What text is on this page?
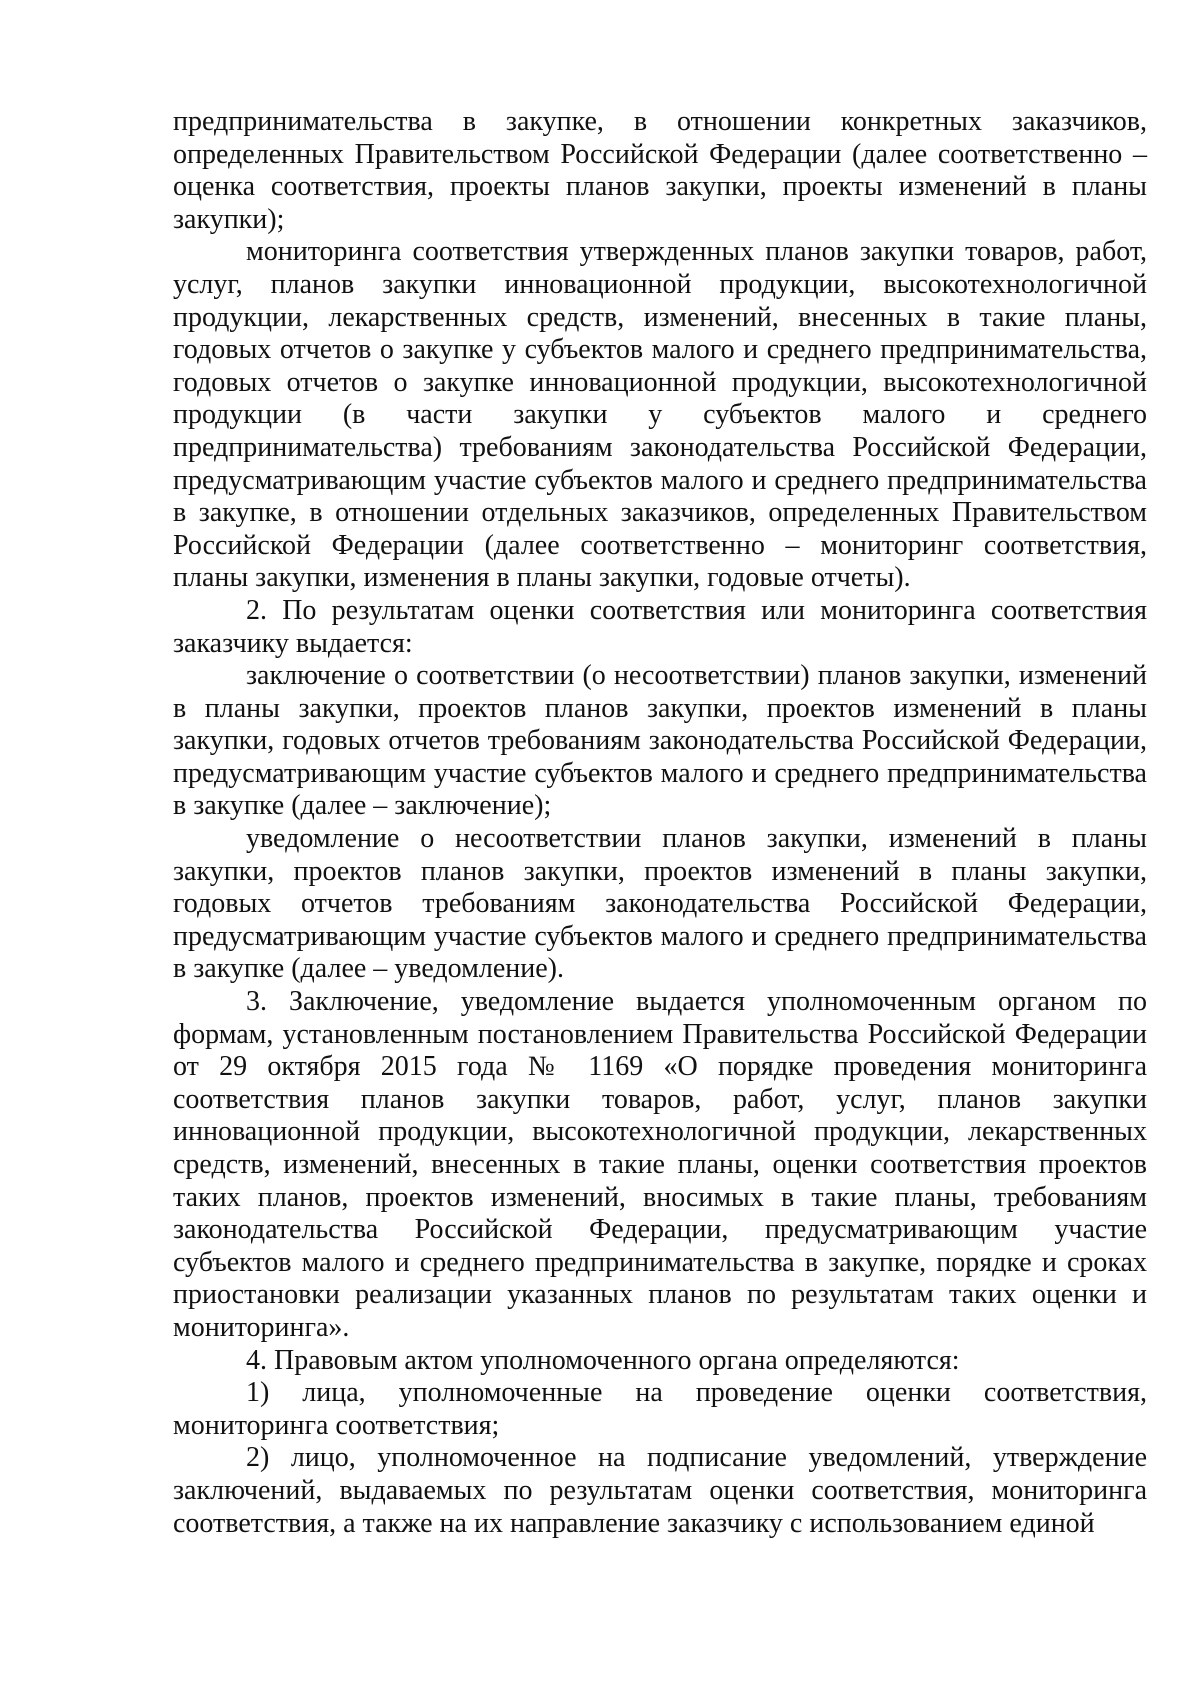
предпринимательства в закупке, в отношении конкретных заказчиков, определенных Правительством Российской Федерации (далее соответственно – оценка соответствия, проекты планов закупки, проекты изменений в планы закупки);

мониторинга соответствия утвержденных планов закупки товаров, работ, услуг, планов закупки инновационной продукции, высокотехнологичной продукции, лекарственных средств, изменений, внесенных в такие планы, годовых отчетов о закупке у субъектов малого и среднего предпринимательства, годовых отчетов о закупке инновационной продукции, высокотехнологичной продукции (в части закупки у субъектов малого и среднего предпринимательства) требованиям законодательства Российской Федерации, предусматривающим участие субъектов малого и среднего предпринимательства в закупке, в отношении отдельных заказчиков, определенных Правительством Российской Федерации (далее соответственно – мониторинг соответствия, планы закупки, изменения в планы закупки, годовые отчеты).

2. По результатам оценки соответствия или мониторинга соответствия заказчику выдается:

заключение о соответствии (о несоответствии) планов закупки, изменений в планы закупки, проектов планов закупки, проектов изменений в планы закупки, годовых отчетов требованиям законодательства Российской Федерации, предусматривающим участие субъектов малого и среднего предпринимательства в закупке (далее – заключение);

уведомление о несоответствии планов закупки, изменений в планы закупки, проектов планов закупки, проектов изменений в планы закупки, годовых отчетов требованиям законодательства Российской Федерации, предусматривающим участие субъектов малого и среднего предпринимательства в закупке (далее – уведомление).

3. Заключение, уведомление выдается уполномоченным органом по формам, установленным постановлением Правительства Российской Федерации от 29 октября 2015 года № 1169 «О порядке проведения мониторинга соответствия планов закупки товаров, работ, услуг, планов закупки инновационной продукции, высокотехнологичной продукции, лекарственных средств, изменений, внесенных в такие планы, оценки соответствия проектов таких планов, проектов изменений, вносимых в такие планы, требованиям законодательства Российской Федерации, предусматривающим участие субъектов малого и среднего предпринимательства в закупке, порядке и сроках приостановки реализации указанных планов по результатам таких оценки и мониторинга».

4. Правовым актом уполномоченного органа определяются:

1) лица, уполномоченные на проведение оценки соответствия, мониторинга соответствия;

2) лицо, уполномоченное на подписание уведомлений, утверждение заключений, выдаваемых по результатам оценки соответствия, мониторинга соответствия, а также на их направление заказчику с использованием единой
